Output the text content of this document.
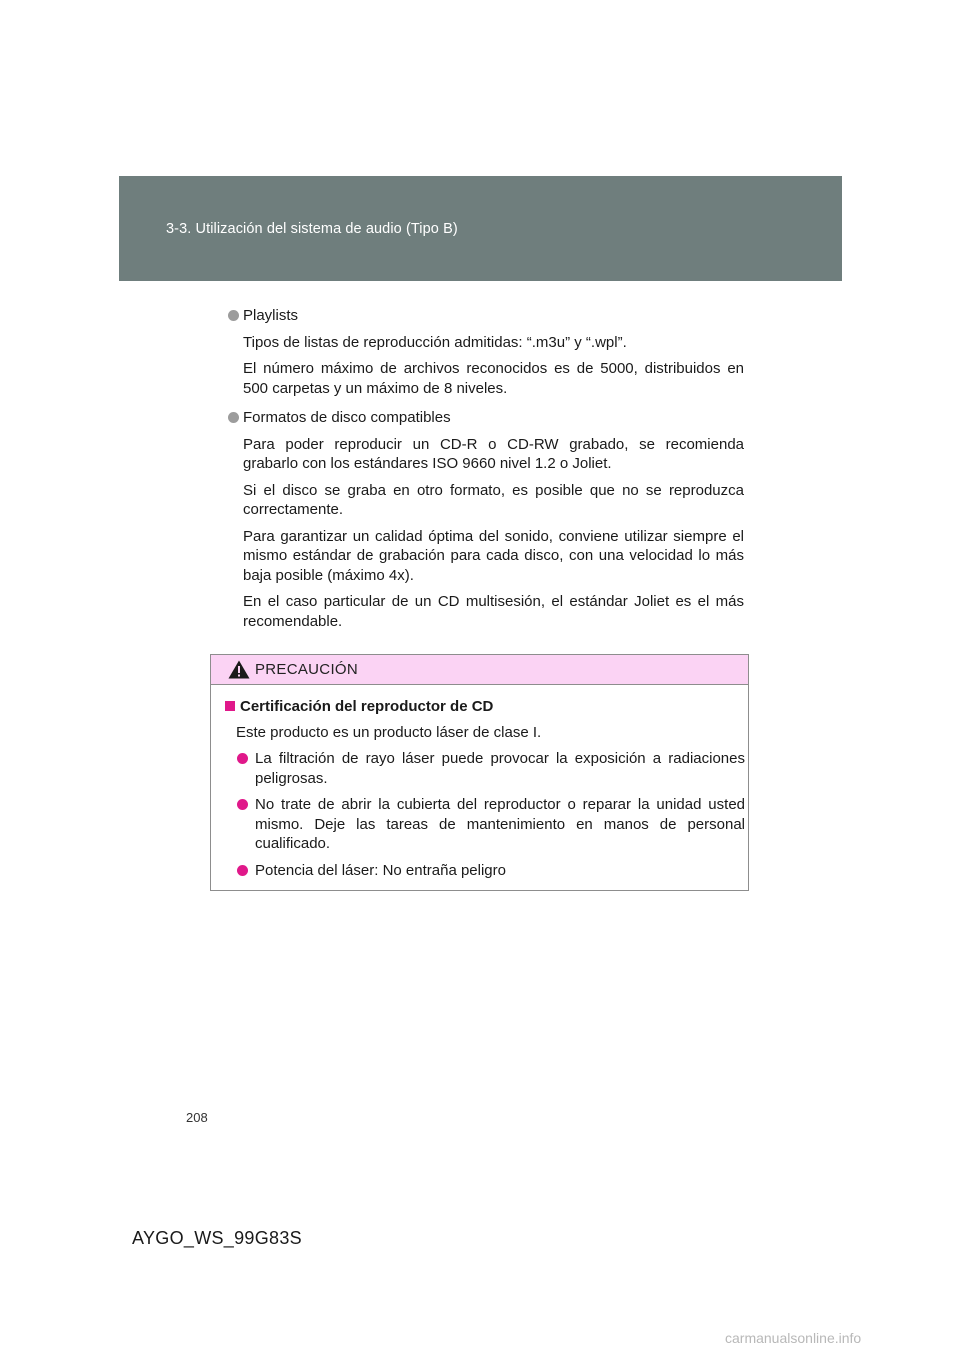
3-3. Utilización del sistema de audio (Tipo B)
Playlists
Tipos de listas de reproducción admitidas: “.m3u” y “.wpl”.
El número máximo de archivos reconocidos es de 5000, distribuidos en 500 carpetas y un máximo de 8 niveles.
Formatos de disco compatibles
Para poder reproducir un CD-R o CD-RW grabado, se recomienda grabarlo con los estándares ISO 9660 nivel 1.2 o Joliet.
Si el disco se graba en otro formato, es posible que no se reproduzca correctamente.
Para garantizar un calidad óptima del sonido, conviene utilizar siempre el mismo estándar de grabación para cada disco, con una velocidad lo más baja posible (máximo 4x).
En el caso particular de un CD multisesión, el estándar Joliet es el más recomendable.
PRECAUCIÓN
Certificación del reproductor de CD
Este producto es un producto láser de clase I.
La filtración de rayo láser puede provocar la exposición a radiaciones peligrosas.
No trate de abrir la cubierta del reproductor o reparar la unidad usted mismo. Deje las tareas de mantenimiento en manos de personal cualificado.
Potencia del láser: No entraña peligro
208
AYGO_WS_99G83S
carmanualsonline.info
